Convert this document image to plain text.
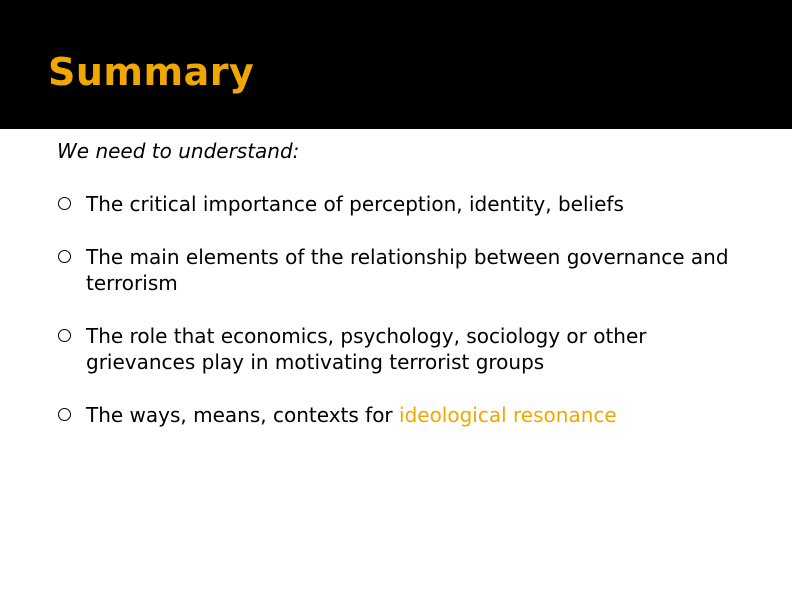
Summary

We need to understand:

The critical importance of perception, identity, beliefs
The main elements of the relationship between governance and terrorism
The role that economics, psychology, sociology or other grievances play in motivating terrorist groups
The ways, means, contexts for ideological resonance
